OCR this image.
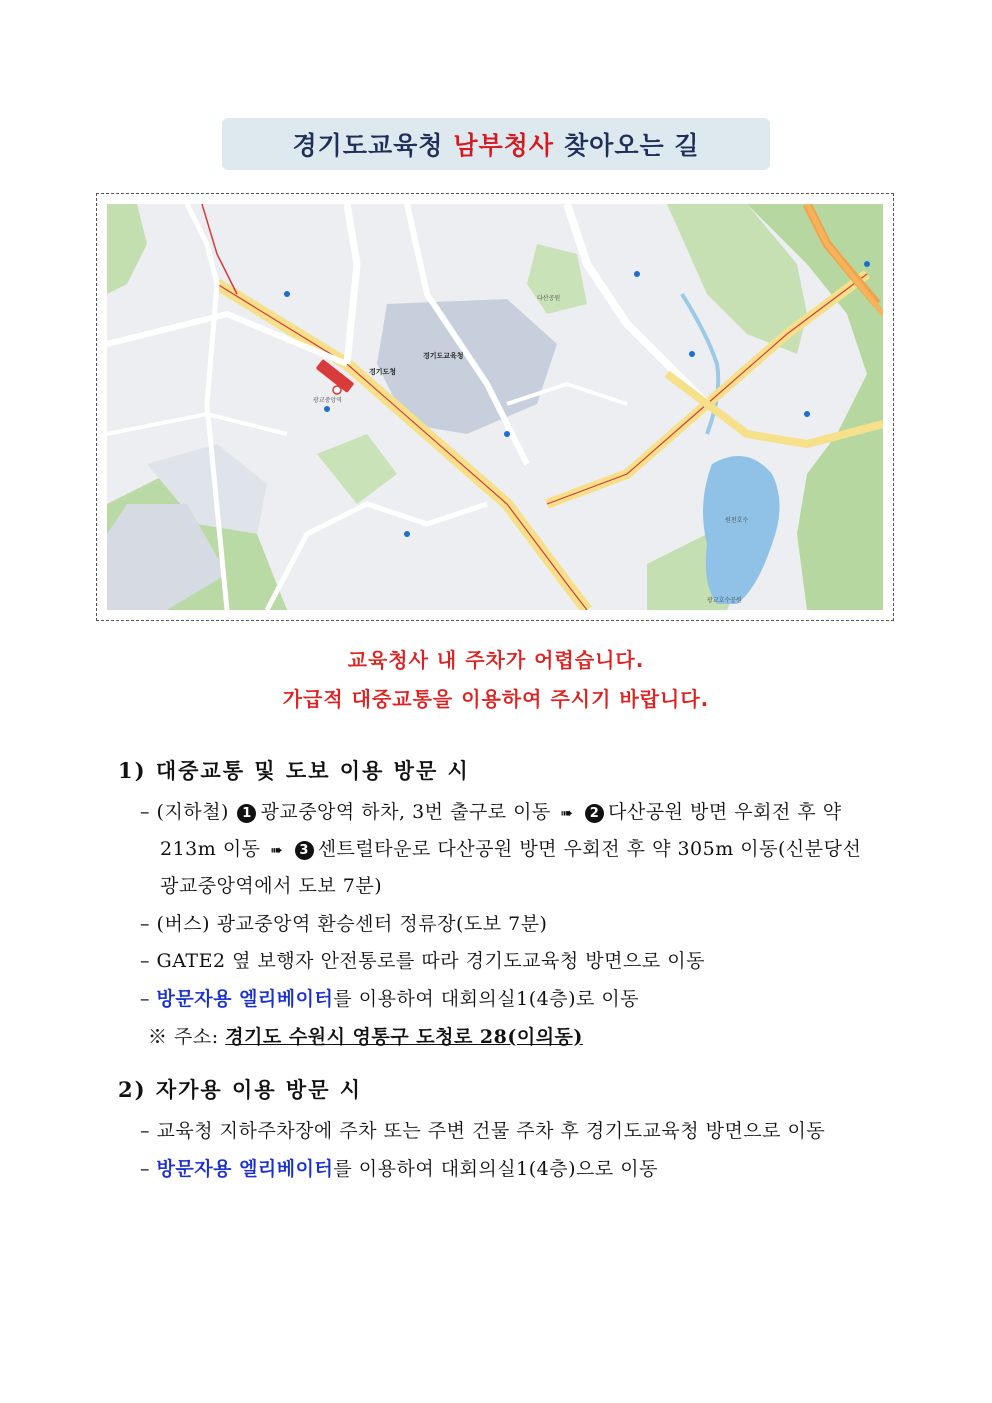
경기도교육청 남부청사 찾아오는 길
경기도청
경기도교육청
광교중앙역
원천호수
광교호수공원
다산공원
교육청사 내 주차가 어렵습니다.
가급적 대중교통을 이용하여 주시기 바랍니다.
1) 대중교통 및 도보 이용 방문 시
– (지하철) 1 광교중앙역 하차, 3번 출구로 이동 ➠ 2 다산공원 방면 우회전 후 약
213m 이동 ➠ 3 센트럴타운로 다산공원 방면 우회전 후 약 305m 이동(신분당선
광교중앙역에서 도보 7분)
– (버스) 광교중앙역 환승센터 정류장(도보 7분)
– GATE2 옆 보행자 안전통로를 따라 경기도교육청 방면으로 이동
– 방문자용 엘리베이터를 이용하여 대회의실1(4층)로 이동
※ 주소: 경기도 수원시 영통구 도청로 28(이의동)
2) 자가용 이용 방문 시
– 교육청 지하주차장에 주차 또는 주변 건물 주차 후 경기도교육청 방면으로 이동
– 방문자용 엘리베이터를 이용하여 대회의실1(4층)으로 이동
